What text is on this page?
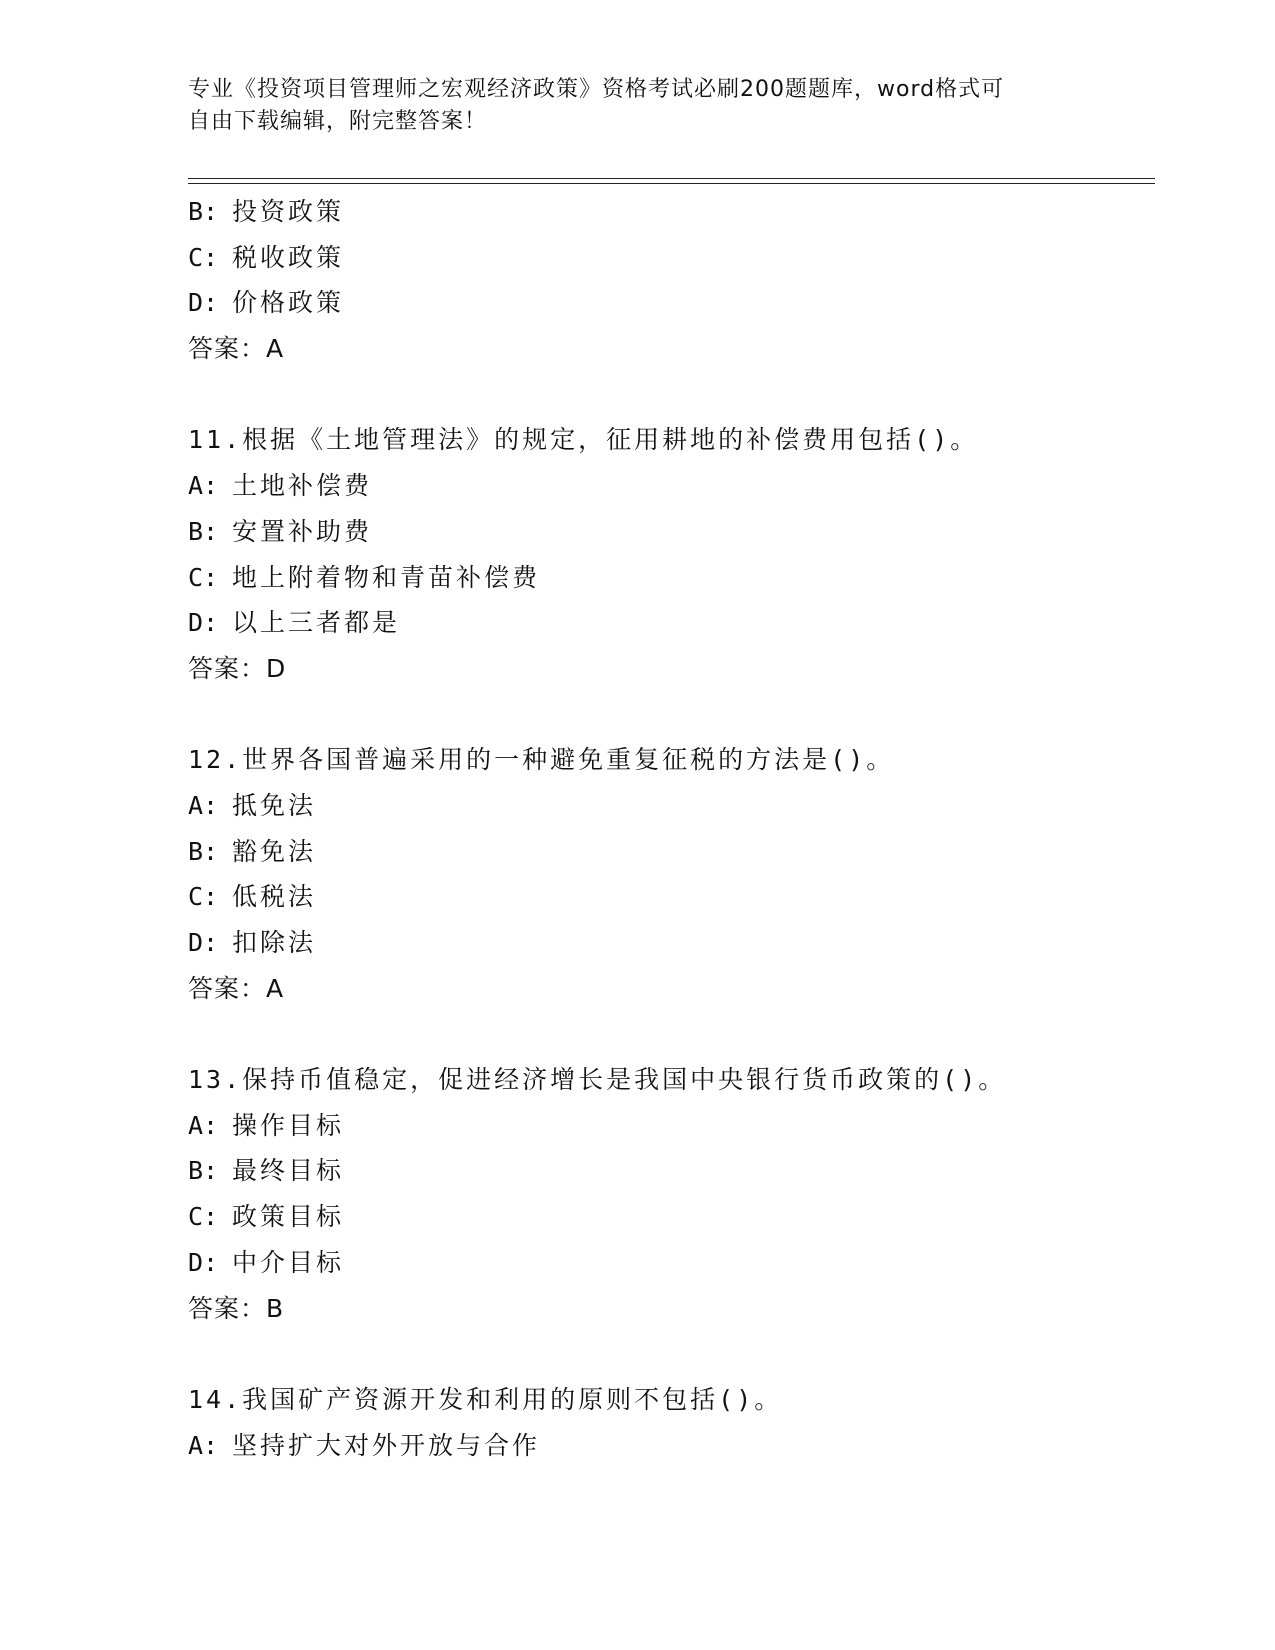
专业《投资项目管理师之宏观经济政策》资格考试必刷200题题库，word格式可
自由下载编辑，附完整答案！
B: 投资政策
C: 税收政策
D: 价格政策
答案：A
11.根据《土地管理法》的规定，征用耕地的补偿费用包括()。
A: 土地补偿费
B: 安置补助费
C: 地上附着物和青苗补偿费
D: 以上三者都是
答案：D
12.世界各国普遍采用的一种避免重复征税的方法是()。
A: 抵免法
B: 豁免法
C: 低税法
D: 扣除法
答案：A
13.保持币值稳定，促进经济增长是我国中央银行货币政策的()。
A: 操作目标
B: 最终目标
C: 政策目标
D: 中介目标
答案：B
14.我国矿产资源开发和利用的原则不包括()。
A: 坚持扩大对外开放与合作
